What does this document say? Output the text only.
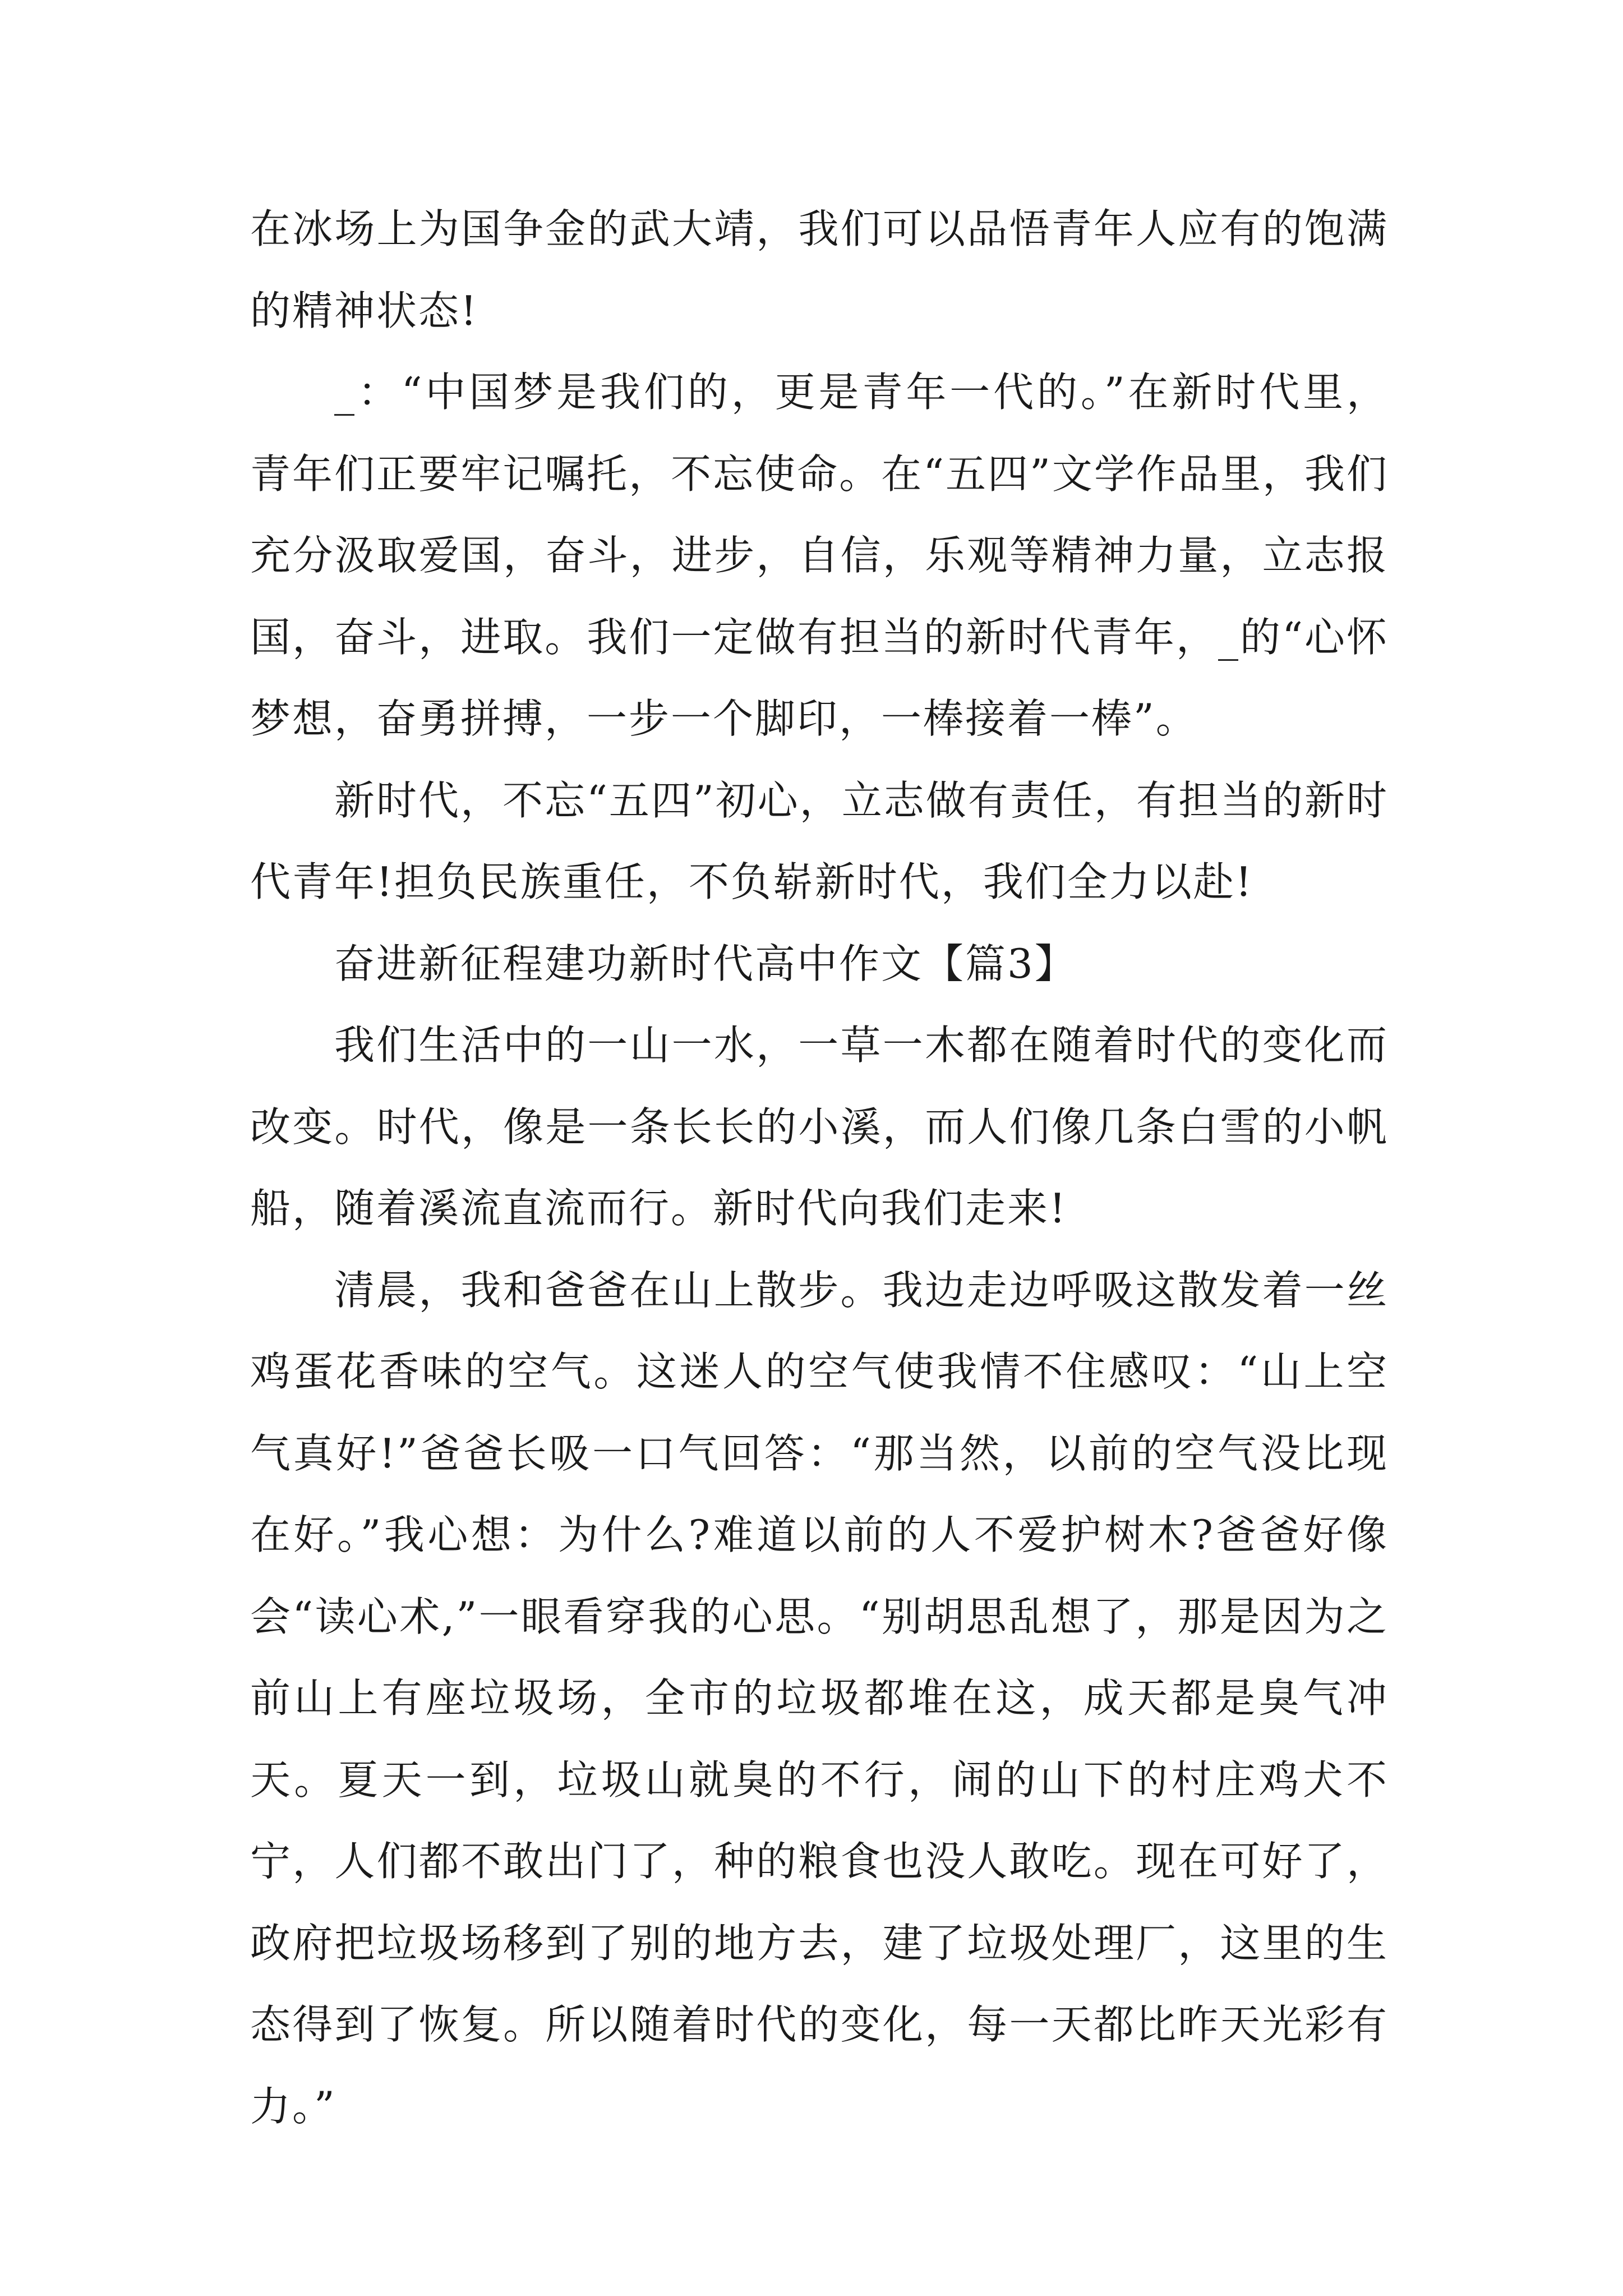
在冰场上为国争金的武大靖，我们可以品悟青年人应有的饱满的精神状态!

_：“中国梦是我们的，更是青年一代的。”在新时代里，青年们正要牢记嘱托，不忘使命。在“五四”文学作品里，我们充分汲取爱国，奋斗，进步，自信，乐观等精神力量，立志报国，奋斗，进取。我们一定做有担当的新时代青年，_的“心怀梦想，奋勇拼搏，一步一个脚印，一棒接着一棒”。

新时代，不忘“五四”初心，立志做有责任，有担当的新时代青年!担负民族重任，不负崭新时代，我们全力以赴!

奋进新征程建功新时代高中作文【篇3】

我们生活中的一山一水，一草一木都在随着时代的变化而改变。时代，像是一条长长的小溪，而人们像几条白雪的小帆船，随着溪流直流而行。新时代向我们走来!

清晨，我和爸爸在山上散步。我边走边呼吸这散发着一丝鸡蛋花香味的空气。这迷人的空气使我情不住感叹：“山上空气真好!”爸爸长吸一口气回答：“那当然，以前的空气没比现在好。”我心想：为什么?难道以前的人不爱护树木?爸爸好像会“读心术,”一眼看穿我的心思。“别胡思乱想了，那是因为之前山上有座垃圾场，全市的垃圾都堆在这，成天都是臭气冲天。夏天一到，垃圾山就臭的不行，闹的山下的村庄鸡犬不宁，人们都不敢出门了，种的粮食也没人敢吃。现在可好了，政府把垃圾场移到了别的地方去，建了垃圾处理厂，这里的生态得到了恢复。所以随着时代的变化，每一天都比昨天光彩有力。”
